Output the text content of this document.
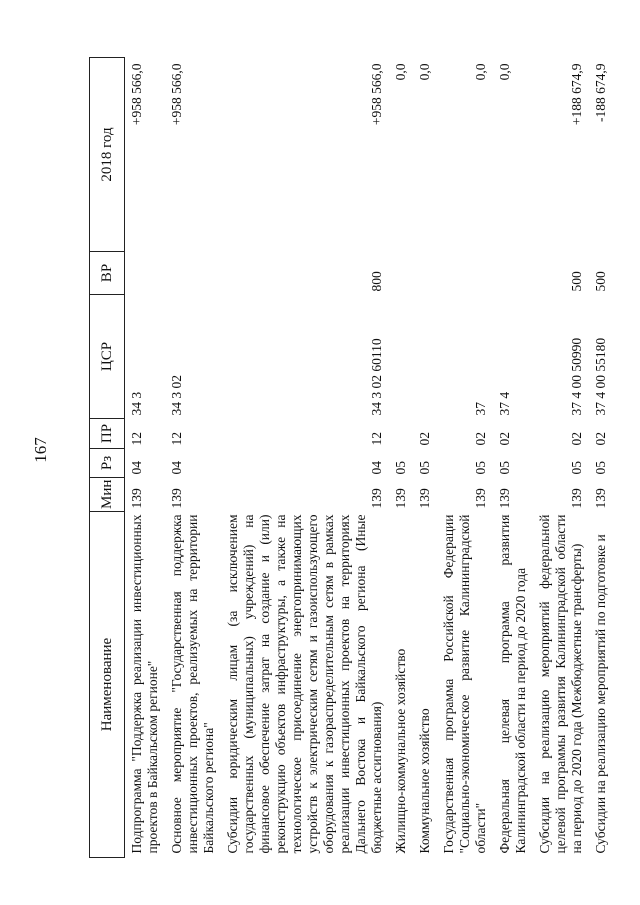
167
Наименование	Мин	Рз	ПР	ЦСР	ВР	2018 год
Подпрограмма "Поддержка реализации инвестиционных проектов в Байкальском регионе"	139	04	12	34 3		+958 566,0
Основное мероприятие "Государственная поддержка инвестиционных проектов, реализуемых на территории Байкальского региона"	139	04	12	34 3 02		+958 566,0
Субсидии юридическим лицам (за исключением государственных (муниципальных) учреждений) на финансовое обеспечение затрат на создание и (или) реконструкцию объектов инфраструктуры, а также на технологическое присоединение энергопринимающих устройств к электрическим сетям и газоиспользующего оборудования к газораспределительным сетям в рамках реализации инвестиционных проектов на территориях Дальнего Востока и Байкальского региона (Иные бюджетные ассигнования)	139	04	12	34 3 02 60110	800	+958 566,0
Жилищно-коммунальное хозяйство	139	05				0,0
Коммунальное хозяйство	139	05	02			0,0
Государственная программа Российской Федерации "Социально-экономическое развитие Калининградской области"	139	05	02	37		0,0
Федеральная целевая программа развития Калининградской области на период до 2020 года	139	05	02	37 4		0,0
Субсидии на реализацию мероприятий федеральной целевой программы развития Калининградской области на период до 2020 года (Межбюджетные трансферты)	139	05	02	37 4 00 50990	500	+188 674,9
Субсидии на реализацию мероприятий по подготовке и	139	05	02	37 4 00 55180	500	-188 674,9
